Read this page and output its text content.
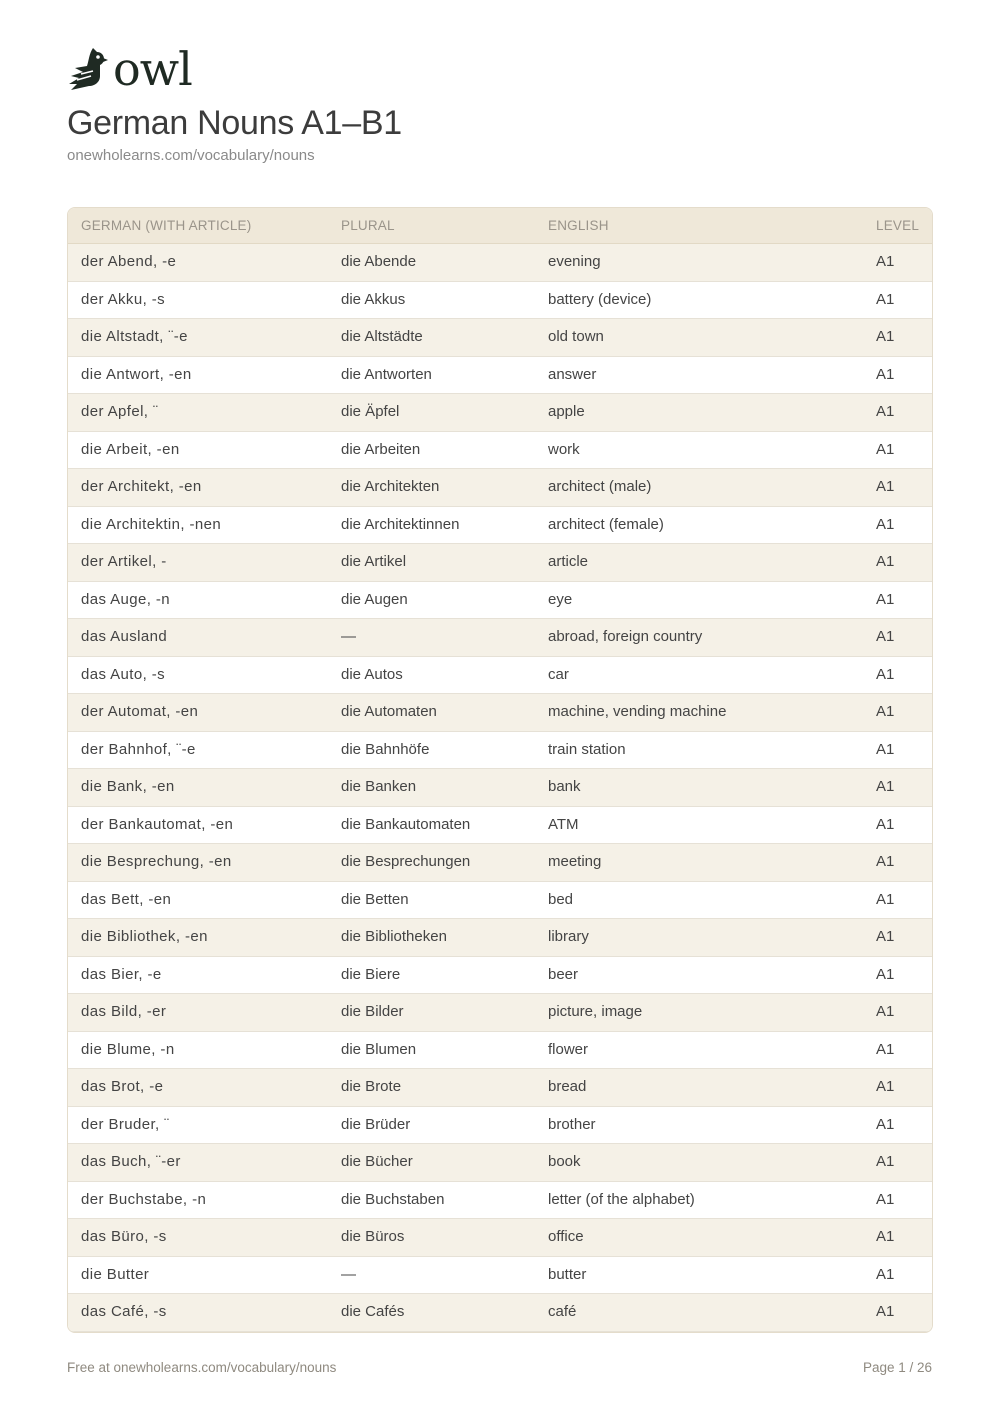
owl
German Nouns A1–B1
onewholearns.com/vocabulary/nouns
GERMAN (WITH ARTICLE)	PLURAL	ENGLISH	LEVEL
der Abend, -e	die Abende	evening	A1
der Akku, -s	die Akkus	battery (device)	A1
die Altstadt, ¨-e	die Altstädte	old town	A1
die Antwort, -en	die Antworten	answer	A1
der Apfel, ¨	die Äpfel	apple	A1
die Arbeit, -en	die Arbeiten	work	A1
der Architekt, -en	die Architekten	architect (male)	A1
die Architektin, -nen	die Architektinnen	architect (female)	A1
der Artikel, -	die Artikel	article	A1
das Auge, -n	die Augen	eye	A1
das Ausland	—	abroad, foreign country	A1
das Auto, -s	die Autos	car	A1
der Automat, -en	die Automaten	machine, vending machine	A1
der Bahnhof, ¨-e	die Bahnhöfe	train station	A1
die Bank, -en	die Banken	bank	A1
der Bankautomat, -en	die Bankautomaten	ATM	A1
die Besprechung, -en	die Besprechungen	meeting	A1
das Bett, -en	die Betten	bed	A1
die Bibliothek, -en	die Bibliotheken	library	A1
das Bier, -e	die Biere	beer	A1
das Bild, -er	die Bilder	picture, image	A1
die Blume, -n	die Blumen	flower	A1
das Brot, -e	die Brote	bread	A1
der Bruder, ¨	die Brüder	brother	A1
das Buch, ¨-er	die Bücher	book	A1
der Buchstabe, -n	die Buchstaben	letter (of the alphabet)	A1
das Büro, -s	die Büros	office	A1
die Butter	—	butter	A1
das Café, -s	die Cafés	café	A1
Free at onewholearns.com/vocabulary/nouns	Page 1 / 26
